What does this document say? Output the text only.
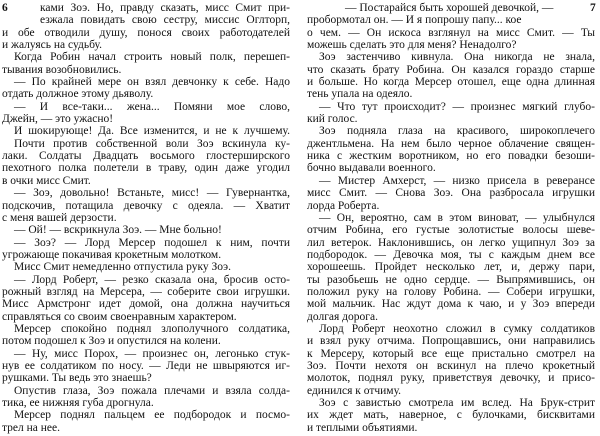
6	7
ками Зоэ. Но, правду сказать, мисс Смит при-
езжала повидать свою сестру, миссис Оглторп,
и обе отводили душу, понося своих работодателей
и жалуясь на судьбу.
Когда Робин начал строить новый полк, перешеп-
тывания возобновились.
— По крайней мере он взял девчонку к себе. Надо
отдать должное этому дьяволу.
— И все-таки... жена... Помяни мое слово,
Джейн, — это ужасно!
И шокирующе! Да. Все изменится, и не к лучшему.
Почти против собственной воли Зоэ вскинула ку-
лаки. Солдаты Двадцать восьмого глостерширского
пехотного полка полетели в траву, один даже угодил
в очки мисс Смит.
— Зоэ, довольно! Встаньте, мисс! — Гувернантка,
подскочив, потащила девочку с одеяла. — Хватит
с меня вашей дерзости.
— Ой! — вскрикнула Зоэ. — Мне больно!
— Зоэ? — Лорд Мерсер подошел к ним, почти
угрожающе покачивая крокетным молотком.
Мисс Смит немедленно отпустила руку Зоэ.
— Лорд Роберт, — резко сказала она, бросив осто-
рожный взгляд на Мерсера, — соберите свои игрушки.
Мисс Армстронг идет домой, она должна научиться
справляться со своим своенравным характером.
Мерсер спокойно поднял злополучного солдатика,
потом подошел к Зоэ и опустился на колени.
— Ну, мисс Порох, — произнес он, легонько стук-
нув ее солдатиком по носу. — Леди не швыряются иг-
рушками. Ты ведь это знаешь?
Опустив глаза, Зоэ пожала плечами и взяла солда-
тика, ее нижняя губа дрогнула.
Мерсер поднял пальцем ее подбородок и посмо-
трел на нее.
— Постарайся быть хорошей девочкой, —
пробормотал он. — И я попрошу папу... кое
о чем. — Он искоса взглянул на мисс Смит. — Ты
можешь сделать это для меня? Ненадолго?
Зоэ застенчиво кивнула. Она никогда не знала,
что сказать брату Робина. Он казался гораздо старше
и больше. Но когда Мерсер отошел, еще одна длинная
тень упала на одеяло.
— Что тут происходит? — произнес мягкий глубо-
кий голос.
Зоэ подняла глаза на красивого, широкоплечего
джентльмена. На нем было черное облачение священ-
ника с жестким воротником, но его повадки безоши-
бочно выдавали военного.
— Мистер Амхерст, — низко присела в реверансе
мисс Смит. — Снова Зоэ. Она разбросала игрушки
лорда Роберта.
— Он, вероятно, сам в этом виноват, — улыбнулся
отчим Робина, его густые золотистые волосы шеве-
лил ветерок. Наклонившись, он легко ущипнул Зоэ за
подбородок. — Девочка моя, ты с каждым днем все
хорошеешь. Пройдет несколько лет, и, держу пари,
ты разобьешь не одно сердце. — Выпрямившись, он
положил руку на голову Робина. — Собери игрушки,
мой мальчик. Нас ждут дома к чаю, и у Зоэ впереди
долгая дорога.
Лорд Роберт неохотно сложил в сумку солдатиков
и взял руку отчима. Попрощавшись, они направились
к Мерсеру, который все еще пристально смотрел на
Зоэ. Почти нехотя он вскинул на плечо крокетный
молоток, поднял руку, приветствуя девочку, и присо-
единился к отчиму.
Зоэ с завистью смотрела им вслед. На Брук-стрит
их ждет мать, наверное, с булочками, бисквитами
и теплыми объятиями.
